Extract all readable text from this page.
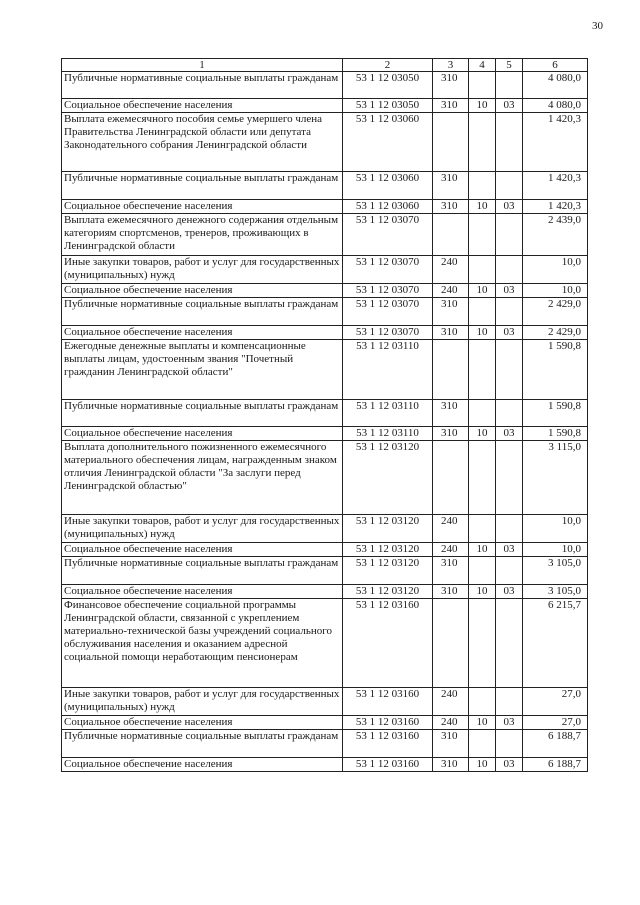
30
1	2	3	4	5	6
Публичные нормативные социальные выплаты гражданам	53 1 12 03050	310			4 080,0
Социальное обеспечение населения	53 1 12 03050	310	10	03	4 080,0
Выплата ежемесячного пособия семье умершего члена Правительства Ленинградской области или депутата Законодательного собрания Ленинградской области	53 1 12 03060				1 420,3
Публичные нормативные социальные выплаты гражданам	53 1 12 03060	310			1 420,3
Социальное обеспечение населения	53 1 12 03060	310	10	03	1 420,3
Выплата ежемесячного денежного содержания отдельным категориям спортсменов, тренеров, проживающих в Ленинградской области	53 1 12 03070				2 439,0
Иные закупки товаров, работ и услуг для государственных (муниципальных) нужд	53 1 12 03070	240			10,0
Социальное обеспечение населения	53 1 12 03070	240	10	03	10,0
Публичные нормативные социальные выплаты гражданам	53 1 12 03070	310			2 429,0
Социальное обеспечение населения	53 1 12 03070	310	10	03	2 429,0
Ежегодные денежные выплаты и компенсационные выплаты лицам, удостоенным звания "Почетный гражданин Ленинградской области"	53 1 12 03110				1 590,8
Публичные нормативные социальные выплаты гражданам	53 1 12 03110	310			1 590,8
Социальное обеспечение населения	53 1 12 03110	310	10	03	1 590,8
Выплата дополнительного пожизненного ежемесячного материального обеспечения лицам, награжденным знаком отличия Ленинградской области "За заслуги перед Ленинградской областью"	53 1 12 03120				3 115,0
Иные закупки товаров, работ и услуг для государственных (муниципальных) нужд	53 1 12 03120	240			10,0
Социальное обеспечение населения	53 1 12 03120	240	10	03	10,0
Публичные нормативные социальные выплаты гражданам	53 1 12 03120	310			3 105,0
Социальное обеспечение населения	53 1 12 03120	310	10	03	3 105,0
Финансовое обеспечение социальной программы Ленинградской области, связанной с укреплением материально-технической базы учреждений социального обслуживания населения и оказанием адресной социальной помощи неработающим пенсионерам	53 1 12 03160				6 215,7
Иные закупки товаров, работ и услуг для государственных (муниципальных) нужд	53 1 12 03160	240			27,0
Социальное обеспечение населения	53 1 12 03160	240	10	03	27,0
Публичные нормативные социальные выплаты гражданам	53 1 12 03160	310			6 188,7
Социальное обеспечение населения	53 1 12 03160	310	10	03	6 188,7
